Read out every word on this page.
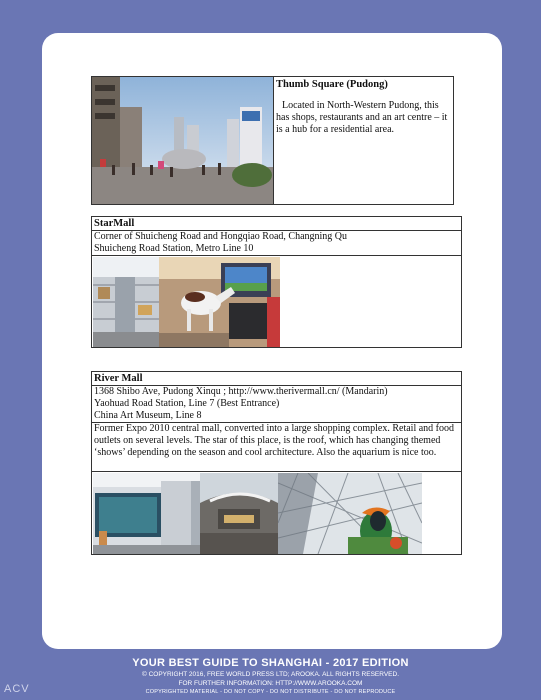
Thumb Square (Pudong)
Located in North-Western Pudong, this has shops, restaurants and an art centre – it is a hub for a residential area.
StarMall
Corner of Shuicheng Road and Hongqiao Road, Changning Qu
Shuicheng Road Station, Metro Line 10
River Mall
1368 Shibo Ave, Pudong Xinqu ; http://www.therivermall.cn/ (Mandarin)
Yaohuad Road Station, Line 7 (Best Entrance)
China Art Museum, Line 8
Former Expo 2010 central mall, converted into a large shopping complex. Retail and food outlets on several levels. The star of this place, is the roof, which has changing themed ‘shows’ depending on the season and cool architecture. Also the aquarium is nice too.
YOUR BEST GUIDE TO SHANGHAI - 2017 EDITION
© COPYRIGHT 2016, FREE WORLD PRESS LTD; AROOKA. ALL RIGHTS RESERVED.
FOR FURTHER INFORMATION: HTTP://WWW.AROOKA.COM
COPYRIGHTED MATERIAL - DO NOT COPY - DO NOT DISTRIBUTE - DO NOT REPRODUCE
ACV
